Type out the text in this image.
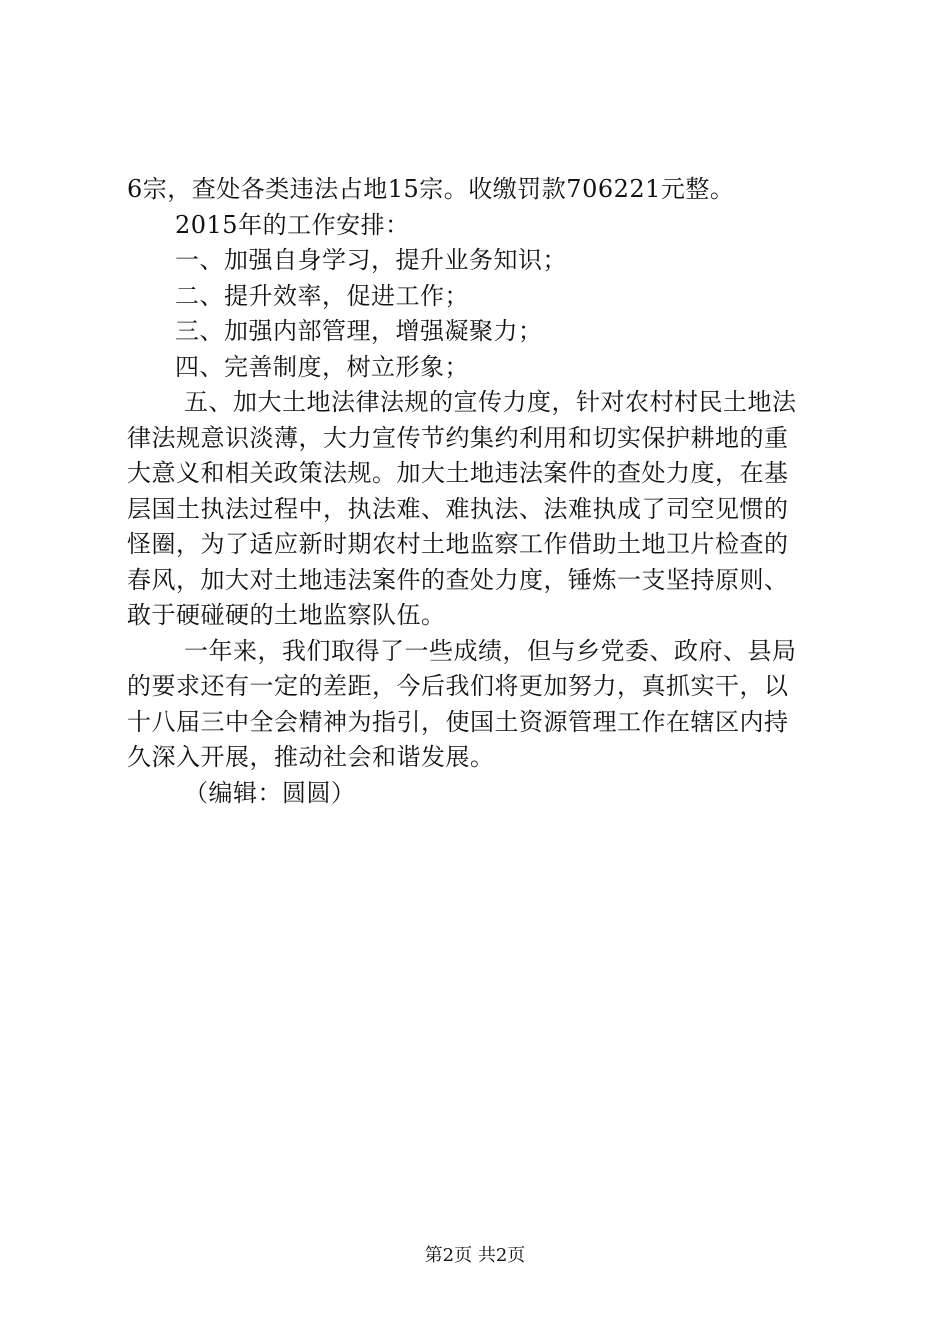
6宗，查处各类违法占地15宗。收缴罚款706221元整。
2015年的工作安排：
一、加强自身学习，提升业务知识；
二、提升效率，促进工作；
三、加强内部管理，增强凝聚力；
四、完善制度，树立形象；
五、加大土地法律法规的宣传力度，针对农村村民土地法
律法规意识淡薄，大力宣传节约集约利用和切实保护耕地的重
大意义和相关政策法规。加大土地违法案件的查处力度，在基
层国土执法过程中，执法难、难执法、法难执成了司空见惯的
怪圈，为了适应新时期农村土地监察工作借助土地卫片检查的
春风，加大对土地违法案件的查处力度，锤炼一支坚持原则、
敢于硬碰硬的土地监察队伍。
一年来，我们取得了一些成绩，但与乡党委、政府、县局
的要求还有一定的差距，今后我们将更加努力，真抓实干，以
十八届三中全会精神为指引，使国土资源管理工作在辖区内持
久深入开展，推动社会和谐发展。
（编辑：圆圆）
第2页 共2页
